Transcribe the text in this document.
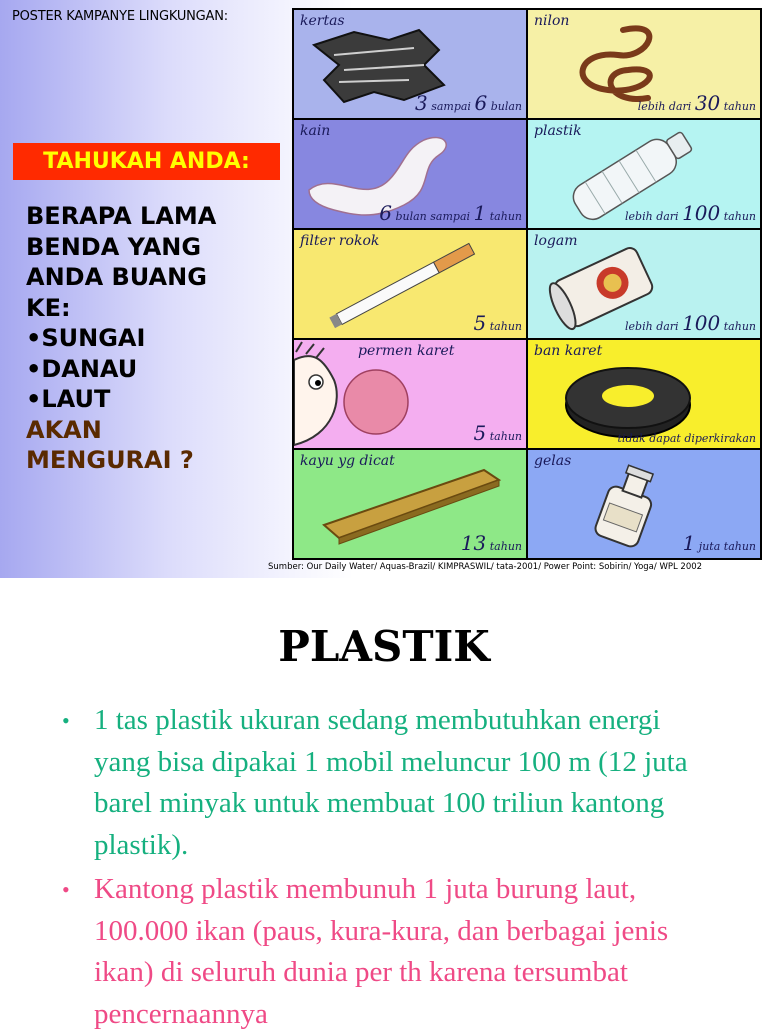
POSTER KAMPANYE LINGKUNGAN:
TAHUKAH ANDA:
BERAPA LAMA
BENDA YANG
ANDA BUANG
KE:
•SUNGAI
•DANAU
•LAUT
AKAN
MENGURAI ?
kertas
3 sampai 6 bulan
nilon
lebih dari 30 tahun
kain
6 bulan sampai 1 tahun
plastik
lebih dari 100 tahun
filter rokok
5 tahun
logam
lebih dari 100 tahun
permen karet
5 tahun
ban karet
tidak dapat diperkirakan
kayu yg dicat
13 tahun
gelas
1 juta tahun
Sumber: Our Daily Water/ Aquas-Brazil/ KIMPRASWIL/ tata-2001/ Power Point: Sobirin/ Yoga/ WPL 2002
PLASTIK
• 1 tas plastik ukuran sedang membutuhkan energi yang bisa dipakai 1 mobil meluncur 100 m (12 juta barel minyak untuk membuat 100 triliun kantong plastik).
• Kantong plastik membunuh 1 juta burung laut, 100.000 ikan (paus, kura-kura, dan berbagai jenis ikan) di seluruh dunia per th karena tersumbat pencernaannya
